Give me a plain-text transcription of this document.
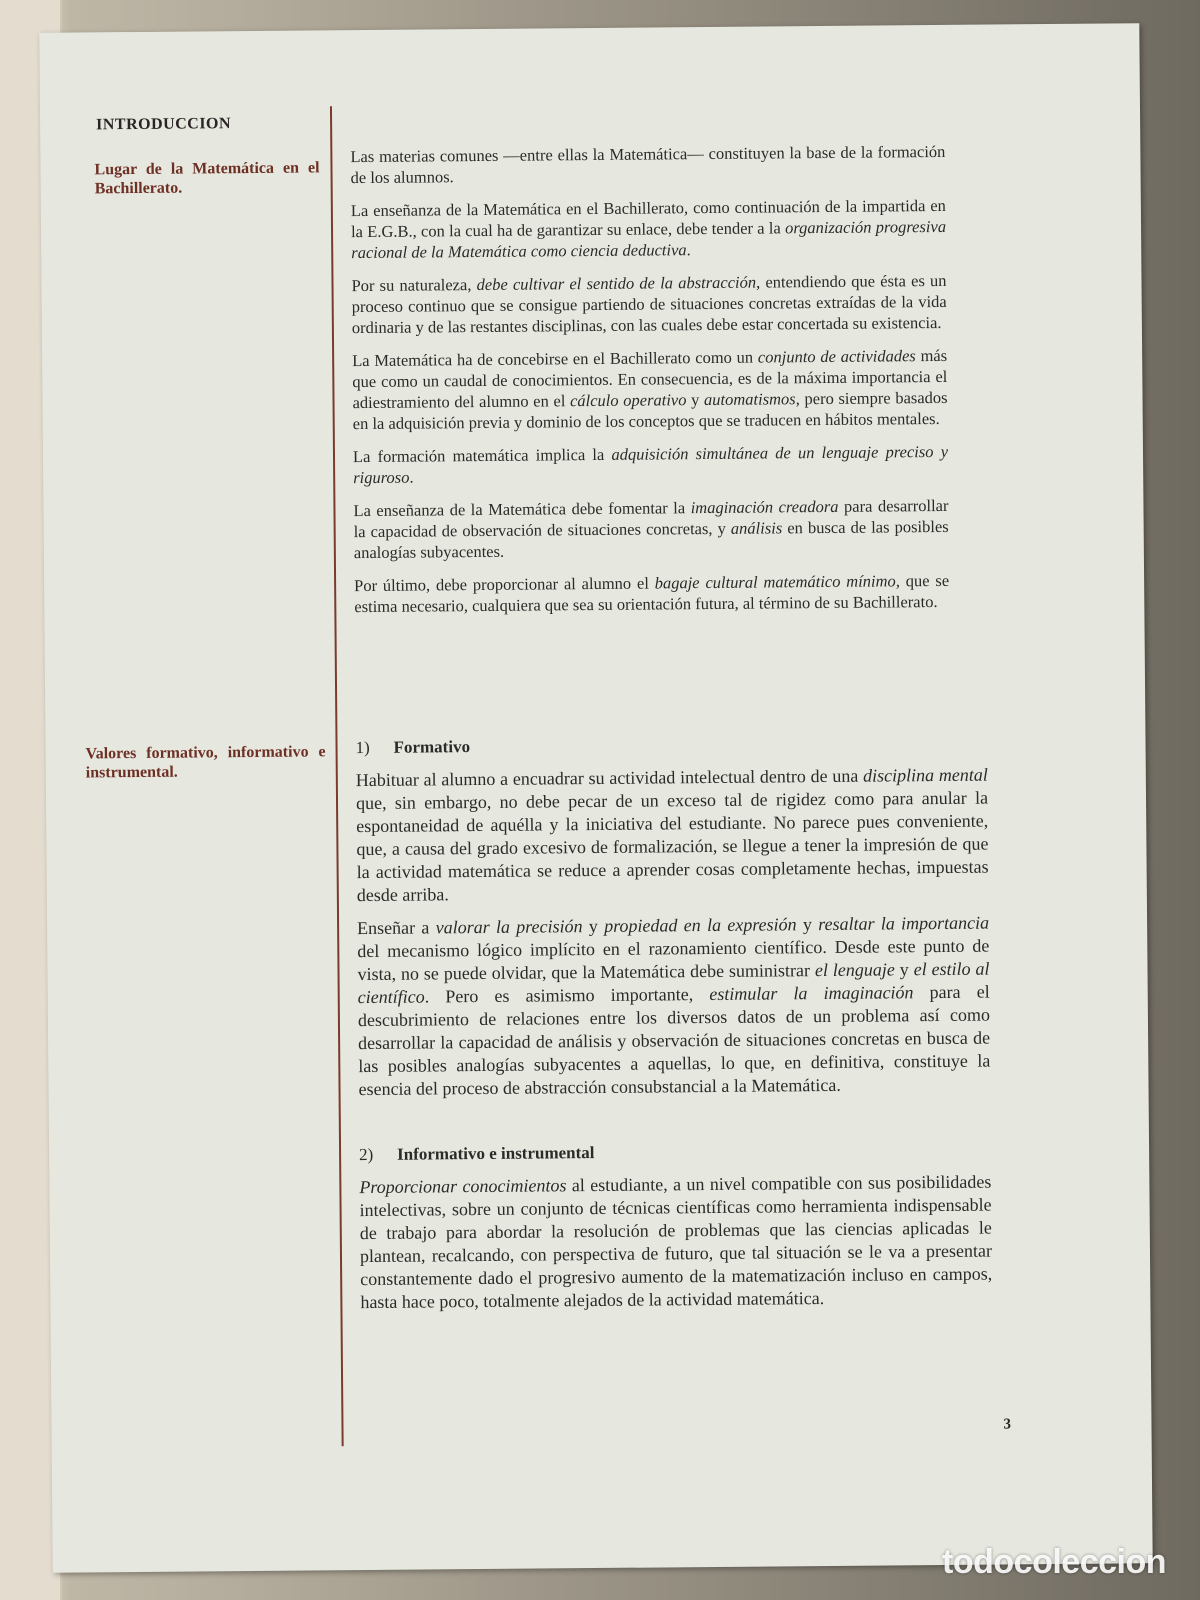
INTRODUCCION
Lugar de la Matemática en el Bachillerato.
Valores formativo, informativo e instrumental.

Las materias comunes —entre ellas la Matemática— constituyen la base de la formación de los alumnos.

La enseñanza de la Matemática en el Bachillerato, como continuación de la impartida en la E.G.B., con la cual ha de garantizar su enlace, debe tender a la organización progresiva racional de la Matemática como ciencia deductiva.

Por su naturaleza, debe cultivar el sentido de la abstracción, entendiendo que ésta es un proceso continuo que se consigue partiendo de situaciones concretas extraídas de la vida ordinaria y de las restantes disciplinas, con las cuales debe estar concertada su existencia.

La Matemática ha de concebirse en el Bachillerato como un conjunto de actividades más que como un caudal de conocimientos. En consecuencia, es de la máxima importancia el adiestramiento del alumno en el cálculo operativo y automatismos, pero siempre basados en la adquisición previa y dominio de los conceptos que se traducen en hábitos mentales.

La formación matemática implica la adquisición simultánea de un lenguaje preciso y riguroso.

La enseñanza de la Matemática debe fomentar la imaginación creadora para desarrollar la capacidad de observación de situaciones concretas, y análisis en busca de las posibles analogías subyacentes.

Por último, debe proporcionar al alumno el bagaje cultural matemático mínimo, que se estima necesario, cualquiera que sea su orientación futura, al término de su Bachillerato.

1) Formativo

Habituar al alumno a encuadrar su actividad intelectual dentro de una disciplina mental que, sin embargo, no debe pecar de un exceso tal de rigidez como para anular la espontaneidad de aquélla y la iniciativa del estudiante. No parece pues conveniente, que, a causa del grado excesivo de formalización, se llegue a tener la impresión de que la actividad matemática se reduce a aprender cosas completamente hechas, impuestas desde arriba.

Enseñar a valorar la precisión y propiedad en la expresión y resaltar la importancia del mecanismo lógico implícito en el razonamiento científico. Desde este punto de vista, no se puede olvidar, que la Matemática debe suministrar el lenguaje y el estilo al científico. Pero es asimismo importante, estimular la imaginación para el descubrimiento de relaciones entre los diversos datos de un problema así como desarrollar la capacidad de análisis y observación de situaciones concretas en busca de las posibles analogías subyacentes a aquellas, lo que, en definitiva, constituye la esencia del proceso de abstracción consubstancial a la Matemática.

2) Informativo e instrumental

Proporcionar conocimientos al estudiante, a un nivel compatible con sus posibilidades intelectivas, sobre un conjunto de técnicas científicas como herramienta indispensable de trabajo para abordar la resolución de problemas que las ciencias aplicadas le plantean, recalcando, con perspectiva de futuro, que tal situación se le va a presentar constantemente dado el progresivo aumento de la matematización incluso en campos, hasta hace poco, totalmente alejados de la actividad matemática.

3
todocoleccion
